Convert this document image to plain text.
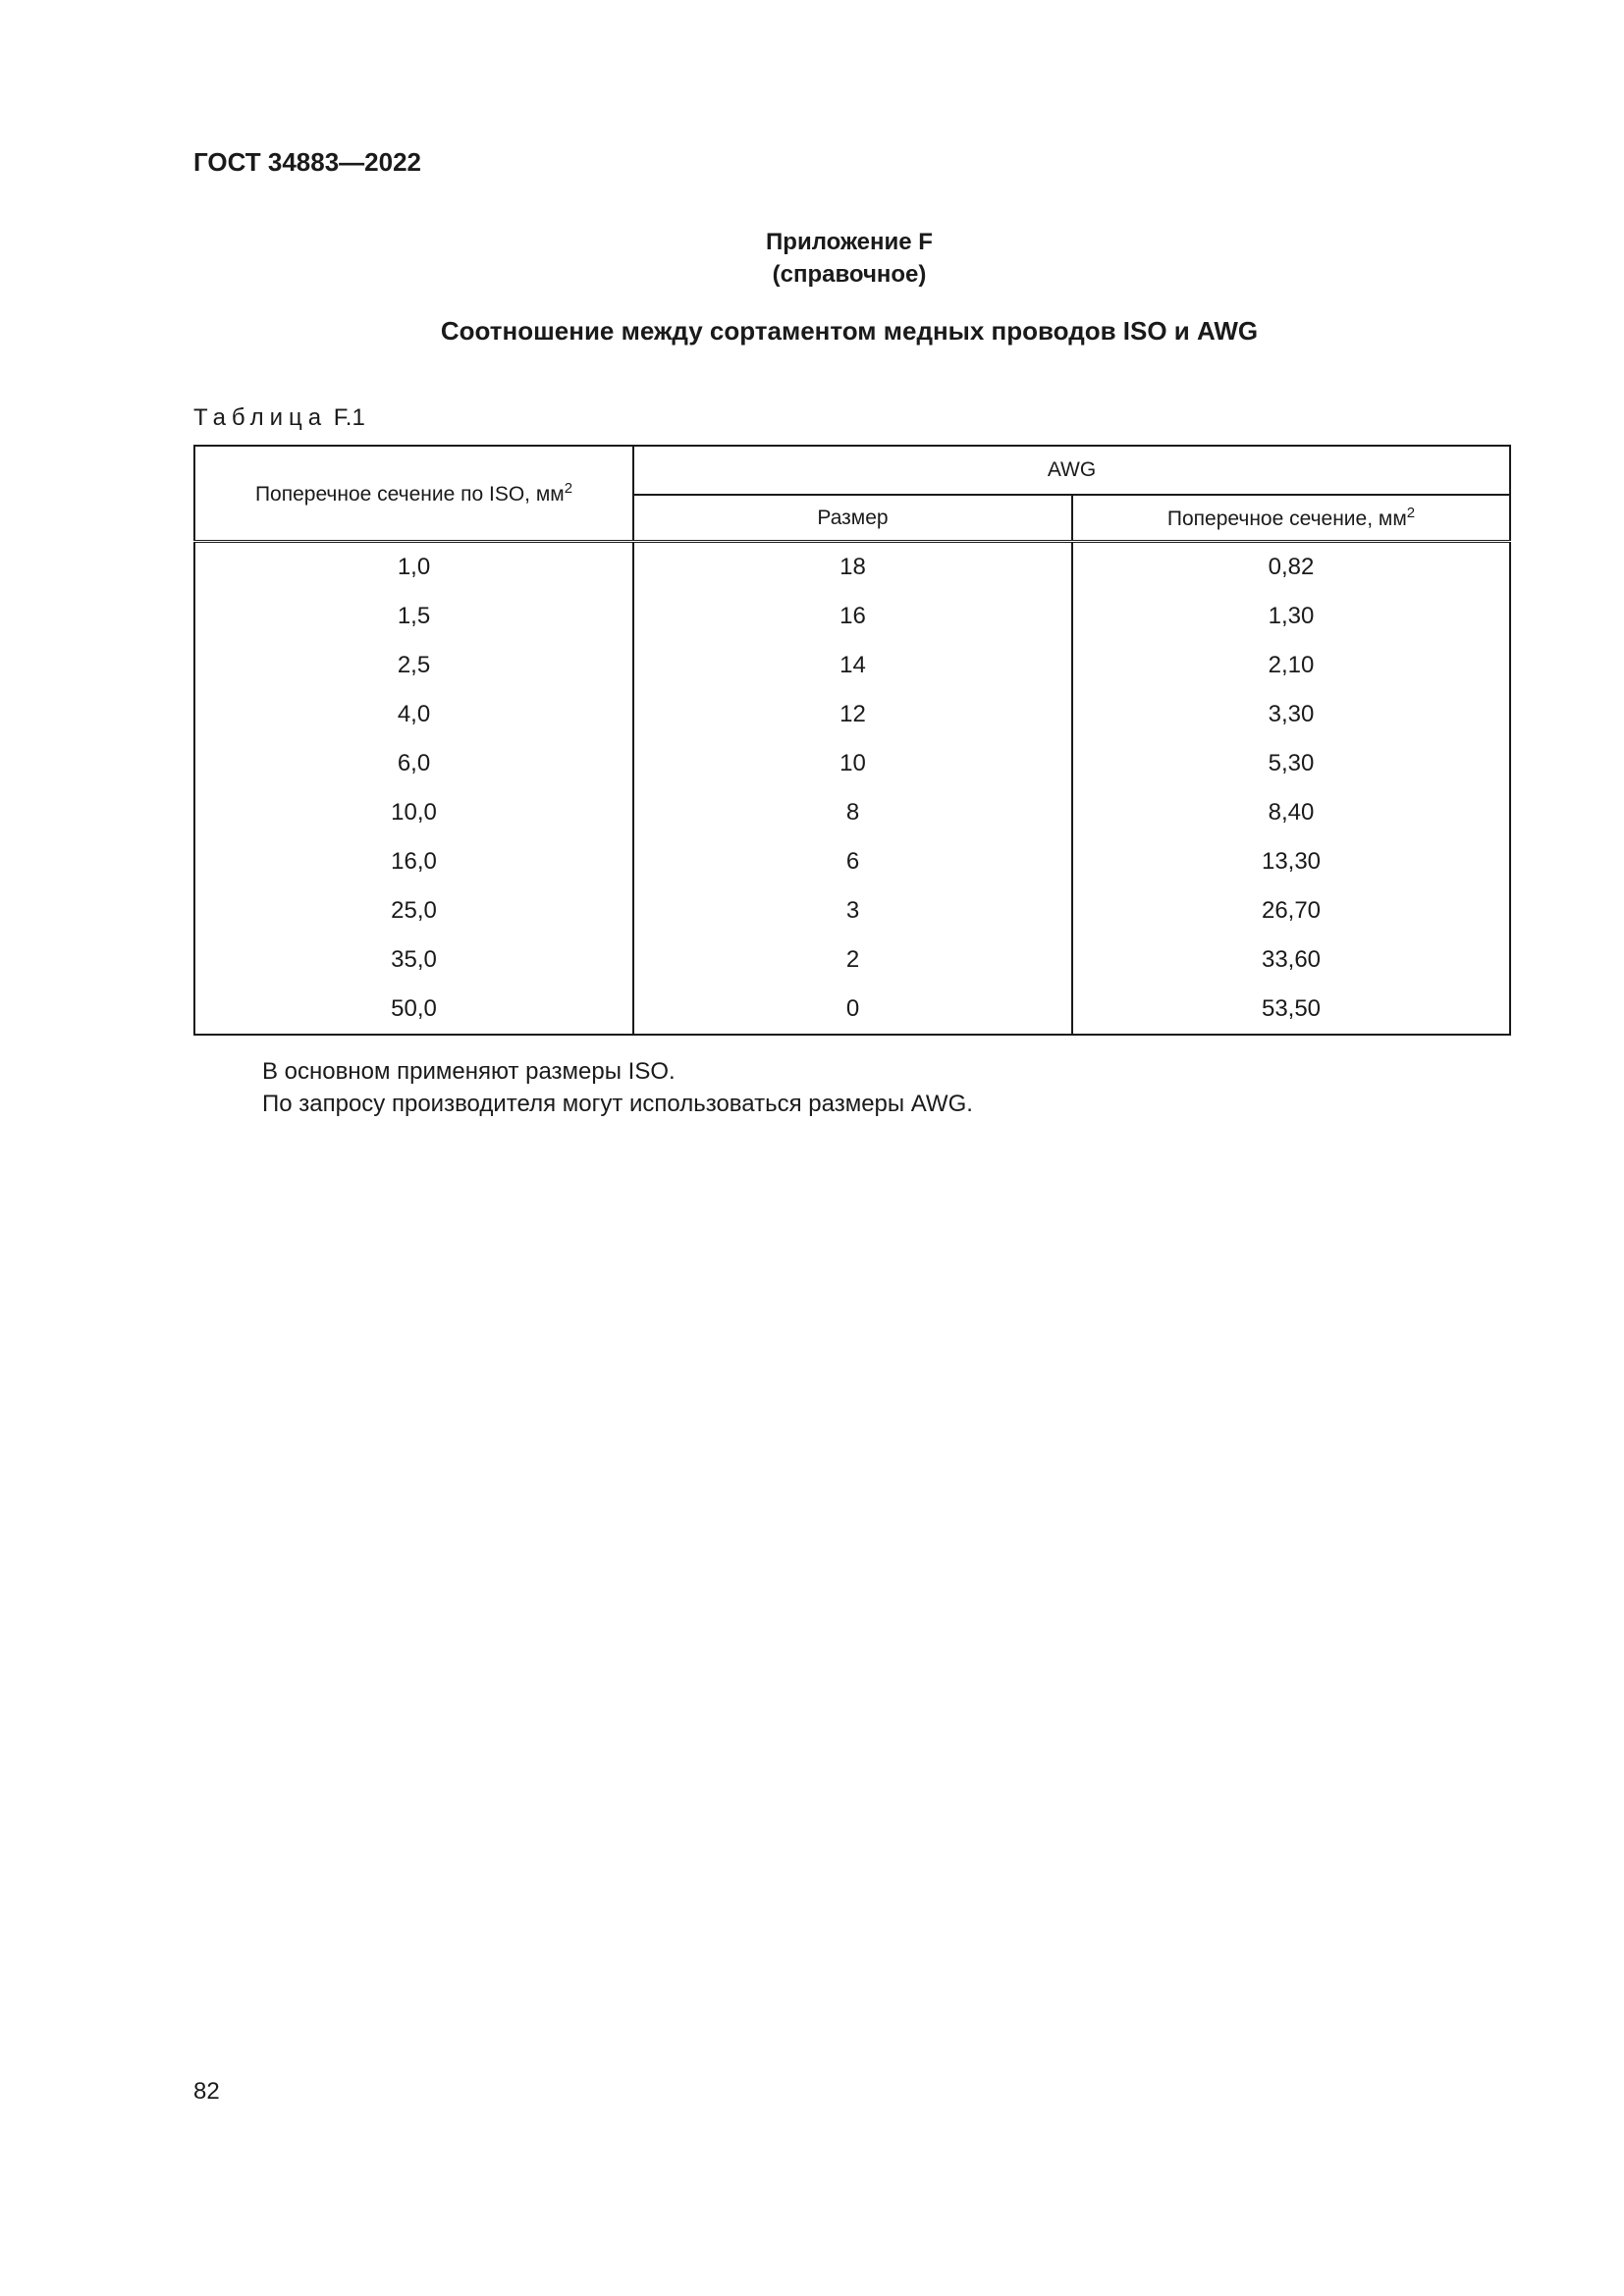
ГОСТ 34883—2022
Приложение F
(справочное)
Соотношение между сортаментом медных проводов ISO и AWG
Таблица F.1
Поперечное сечение по ISO, $мм^2$	AWG	
	Размер	Поперечное сечение, $мм^2$
1,0	18	0,82
1,5	16	1,30
2,5	14	2,10
4,0	12	3,30
6,0	10	5,30
10,0	8	8,40
16,0	6	13,30
25,0	3	26,70
35,0	2	33,60
50,0	0	53,50
В основном применяют размеры ISO.
По запросу производителя могут использоваться размеры AWG.
82
